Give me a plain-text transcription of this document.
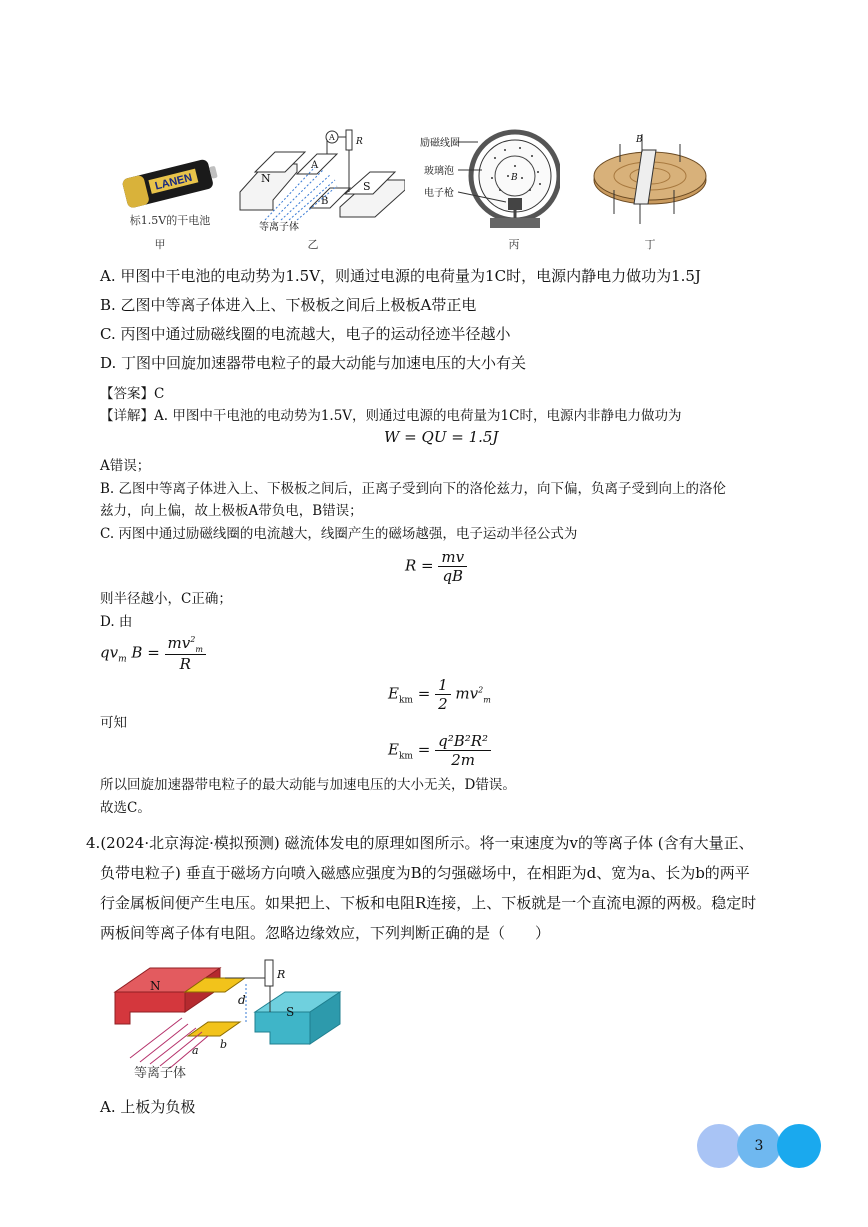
LANEN
标1.5V的干电池
甲
N
S
A
B
A R
等离子体
乙
B
励磁线圈
玻璃泡
电子枪
丙
B
丁
A. 甲图中干电池的电动势为1.5V，则通过电源的电荷量为1C时，电源内静电力做功为1.5J
B. 乙图中等离子体进入上、下极板之间后上极板A带正电
C. 丙图中通过励磁线圈的电流越大，电子的运动径迹半径越小
D. 丁图中回旋加速器带电粒子的最大动能与加速电压的大小有关
【答案】C
【详解】A. 甲图中干电池的电动势为1.5V，则通过电源的电荷量为1C时，电源内非静电力做功为
W = QU = 1.5J
A错误；
B. 乙图中等离子体进入上、下极板之间后，正离子受到向下的洛伦兹力，向下偏，负离子受到向上的洛伦
兹力，向上偏，故上极板A带负电，B错误；
C. 丙图中通过励磁线圈的电流越大，线圈产生的磁场越强，电子运动半径公式为
$R = \frac{mv}{qB}$
则半径越小，C正确；
D. 由
$qv_m$ $B = \frac{mv^2_m}{R}$
$E_{km} = \frac{1}{2} mv^2_m$
可知
$E_{km} = \frac{\text{q²B²R²}}{2m}$
所以回旋加速器带电粒子的最大动能与加速电压的大小无关，D错误。
故选C。
4.(2024·北京海淀·模拟预测) 磁流体发电的原理如图所示。将一束速度为v的等离子体 (含有大量正、
负带电粒子) 垂直于磁场方向喷入磁感应强度为B的匀强磁场中，在相距为d、宽为a、长为b的两平
行金属板间便产生电压。如果把上、下板和电阻R连接，上、下板就是一个直流电源的两极。稳定时
两板间等离子体有电阻。忽略边缘效应，下列判断正确的是（　　）
N
S
d
R
a b
等离子体
A. 上板为负极
3
